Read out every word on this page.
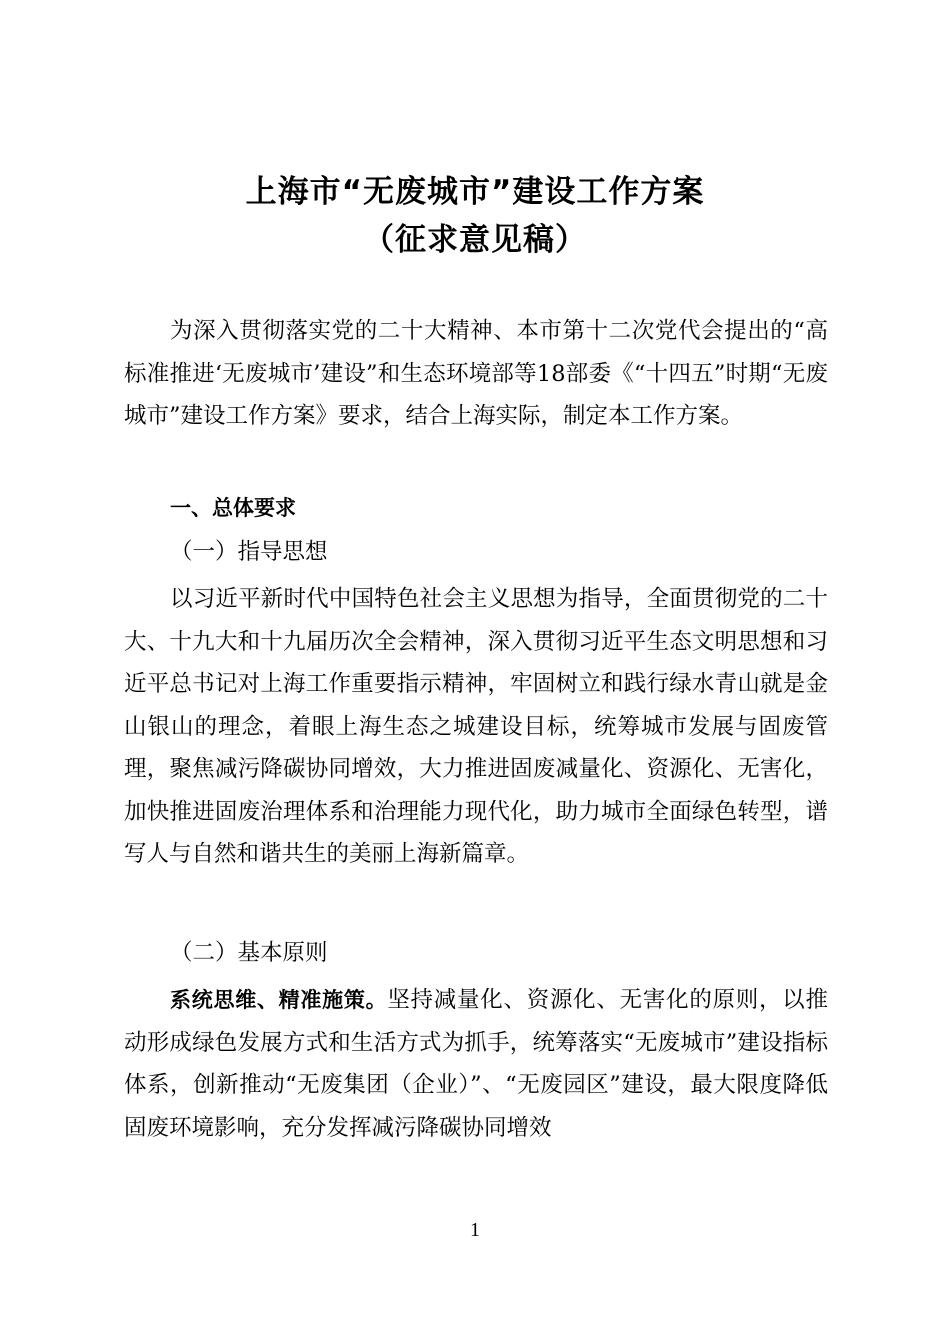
上海市“无废城市”建设工作方案
（征求意见稿）
为深入贯彻落实党的二十大精神、本市第十二次党代会提出的“高标准推进‘无废城市’建设”和生态环境部等18部委《“十四五”时期“无废城市”建设工作方案》要求，结合上海实际，制定本工作方案。
一、总体要求
（一）指导思想
以习近平新时代中国特色社会主义思想为指导，全面贯彻党的二十大、十九大和十九届历次全会精神，深入贯彻习近平生态文明思想和习近平总书记对上海工作重要指示精神，牢固树立和践行绿水青山就是金山银山的理念，着眼上海生态之城建设目标，统筹城市发展与固废管理，聚焦减污降碳协同增效，大力推进固废减量化、资源化、无害化，加快推进固废治理体系和治理能力现代化，助力城市全面绿色转型，谱写人与自然和谐共生的美丽上海新篇章。
（二）基本原则
系统思维、精准施策。坚持减量化、资源化、无害化的原则，以推动形成绿色发展方式和生活方式为抓手，统筹落实“无废城市”建设指标体系，创新推动“无废集团（企业）”、“无废园区”建设，最大限度降低固废环境影响，充分发挥减污降碳协同增效
1
